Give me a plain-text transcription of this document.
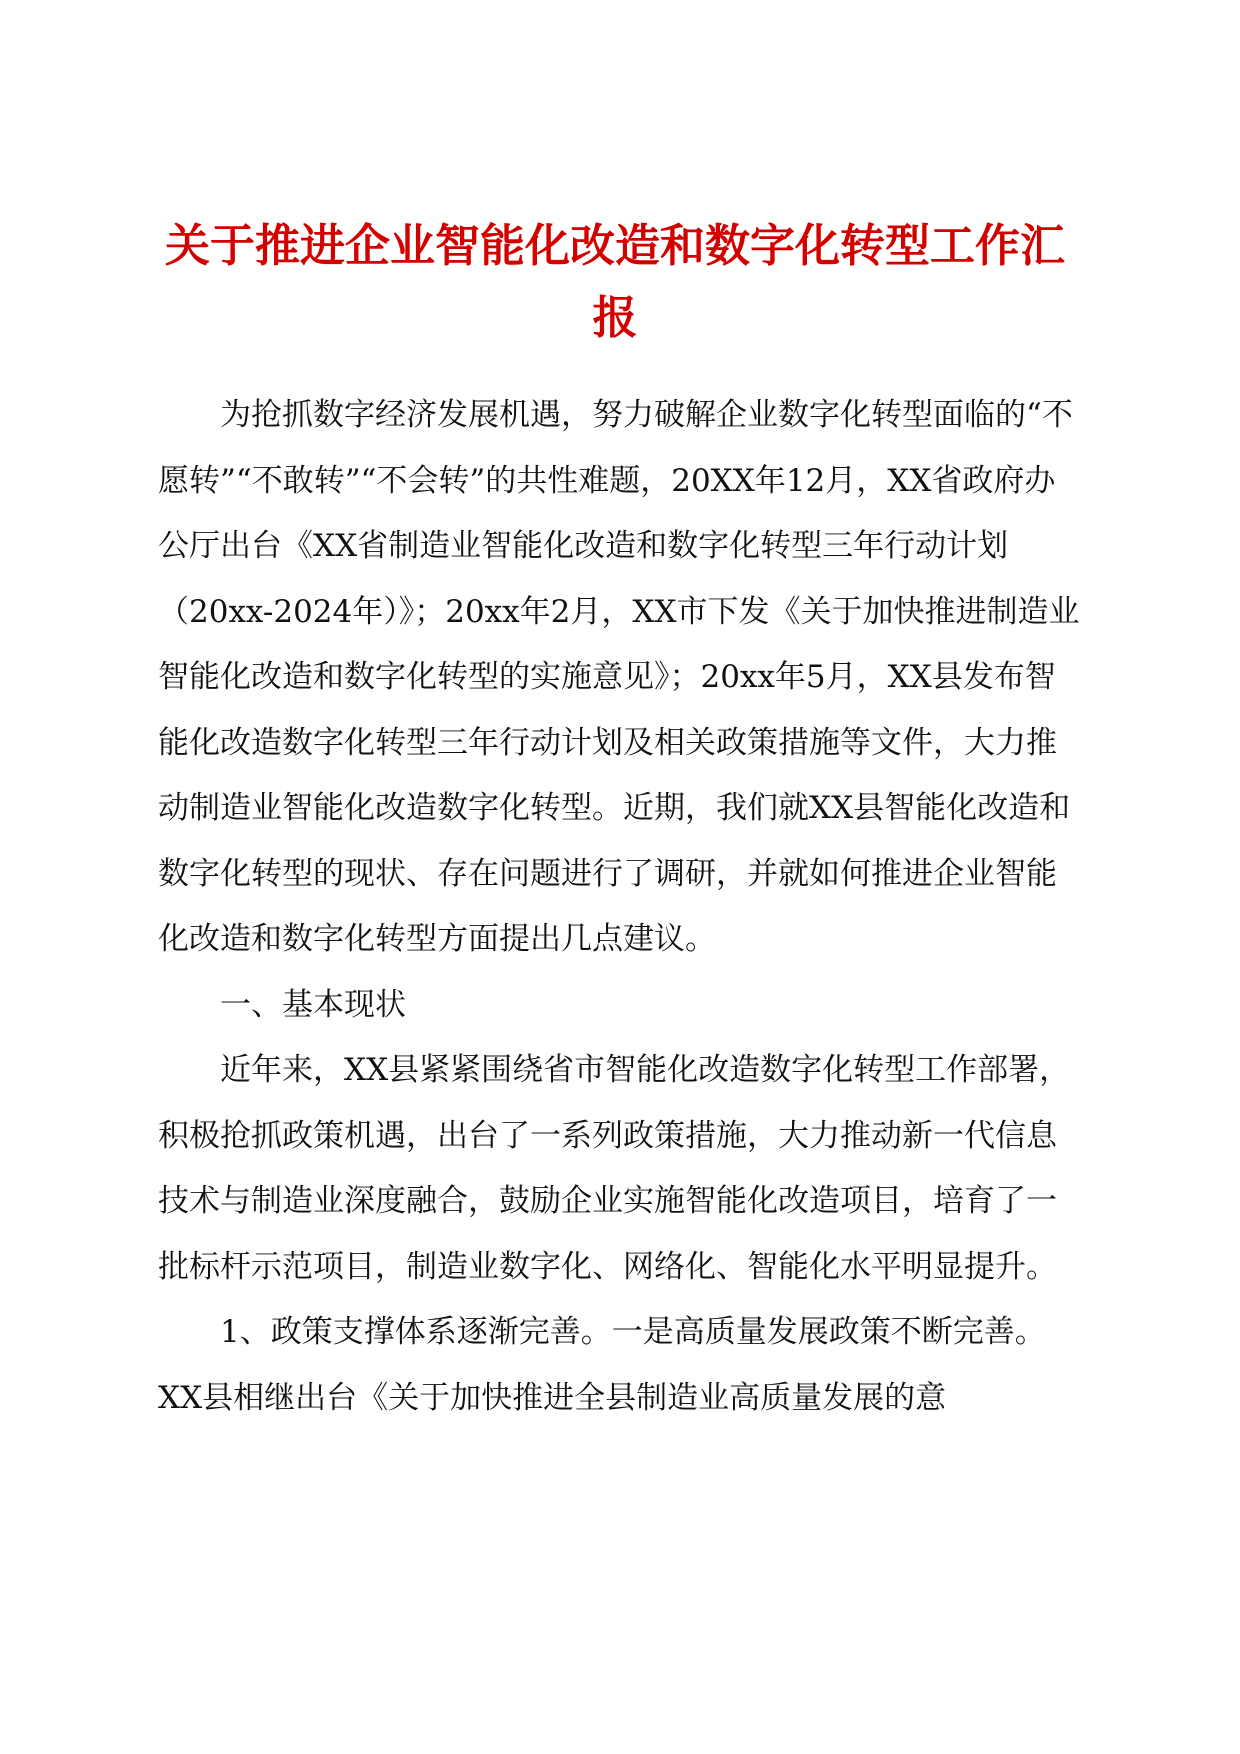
关于推进企业智能化改造和数字化转型工作汇报

为抢抓数字经济发展机遇，努力破解企业数字化转型面临的“不愿转”“不敢转”“不会转”的共性难题，20XX年12月，XX省政府办公厅出台《XX省制造业智能化改造和数字化转型三年行动计划（20xx-2024年）》；20xx年2月，XX市下发《关于加快推进制造业智能化改造和数字化转型的实施意见》；20xx年5月，XX县发布智能化改造数字化转型三年行动计划及相关政策措施等文件，大力推动制造业智能化改造数字化转型。近期，我们就XX县智能化改造和数字化转型的现状、存在问题进行了调研，并就如何推进企业智能化改造和数字化转型方面提出几点建议。

一、基本现状

近年来，XX县紧紧围绕省市智能化改造数字化转型工作部署，积极抢抓政策机遇，出台了一系列政策措施，大力推动新一代信息技术与制造业深度融合，鼓励企业实施智能化改造项目，培育了一批标杆示范项目，制造业数字化、网络化、智能化水平明显提升。

1、政策支撑体系逐渐完善。一是高质量发展政策不断完善。XX县相继出台《关于加快推进全县制造业高质量发展的意
